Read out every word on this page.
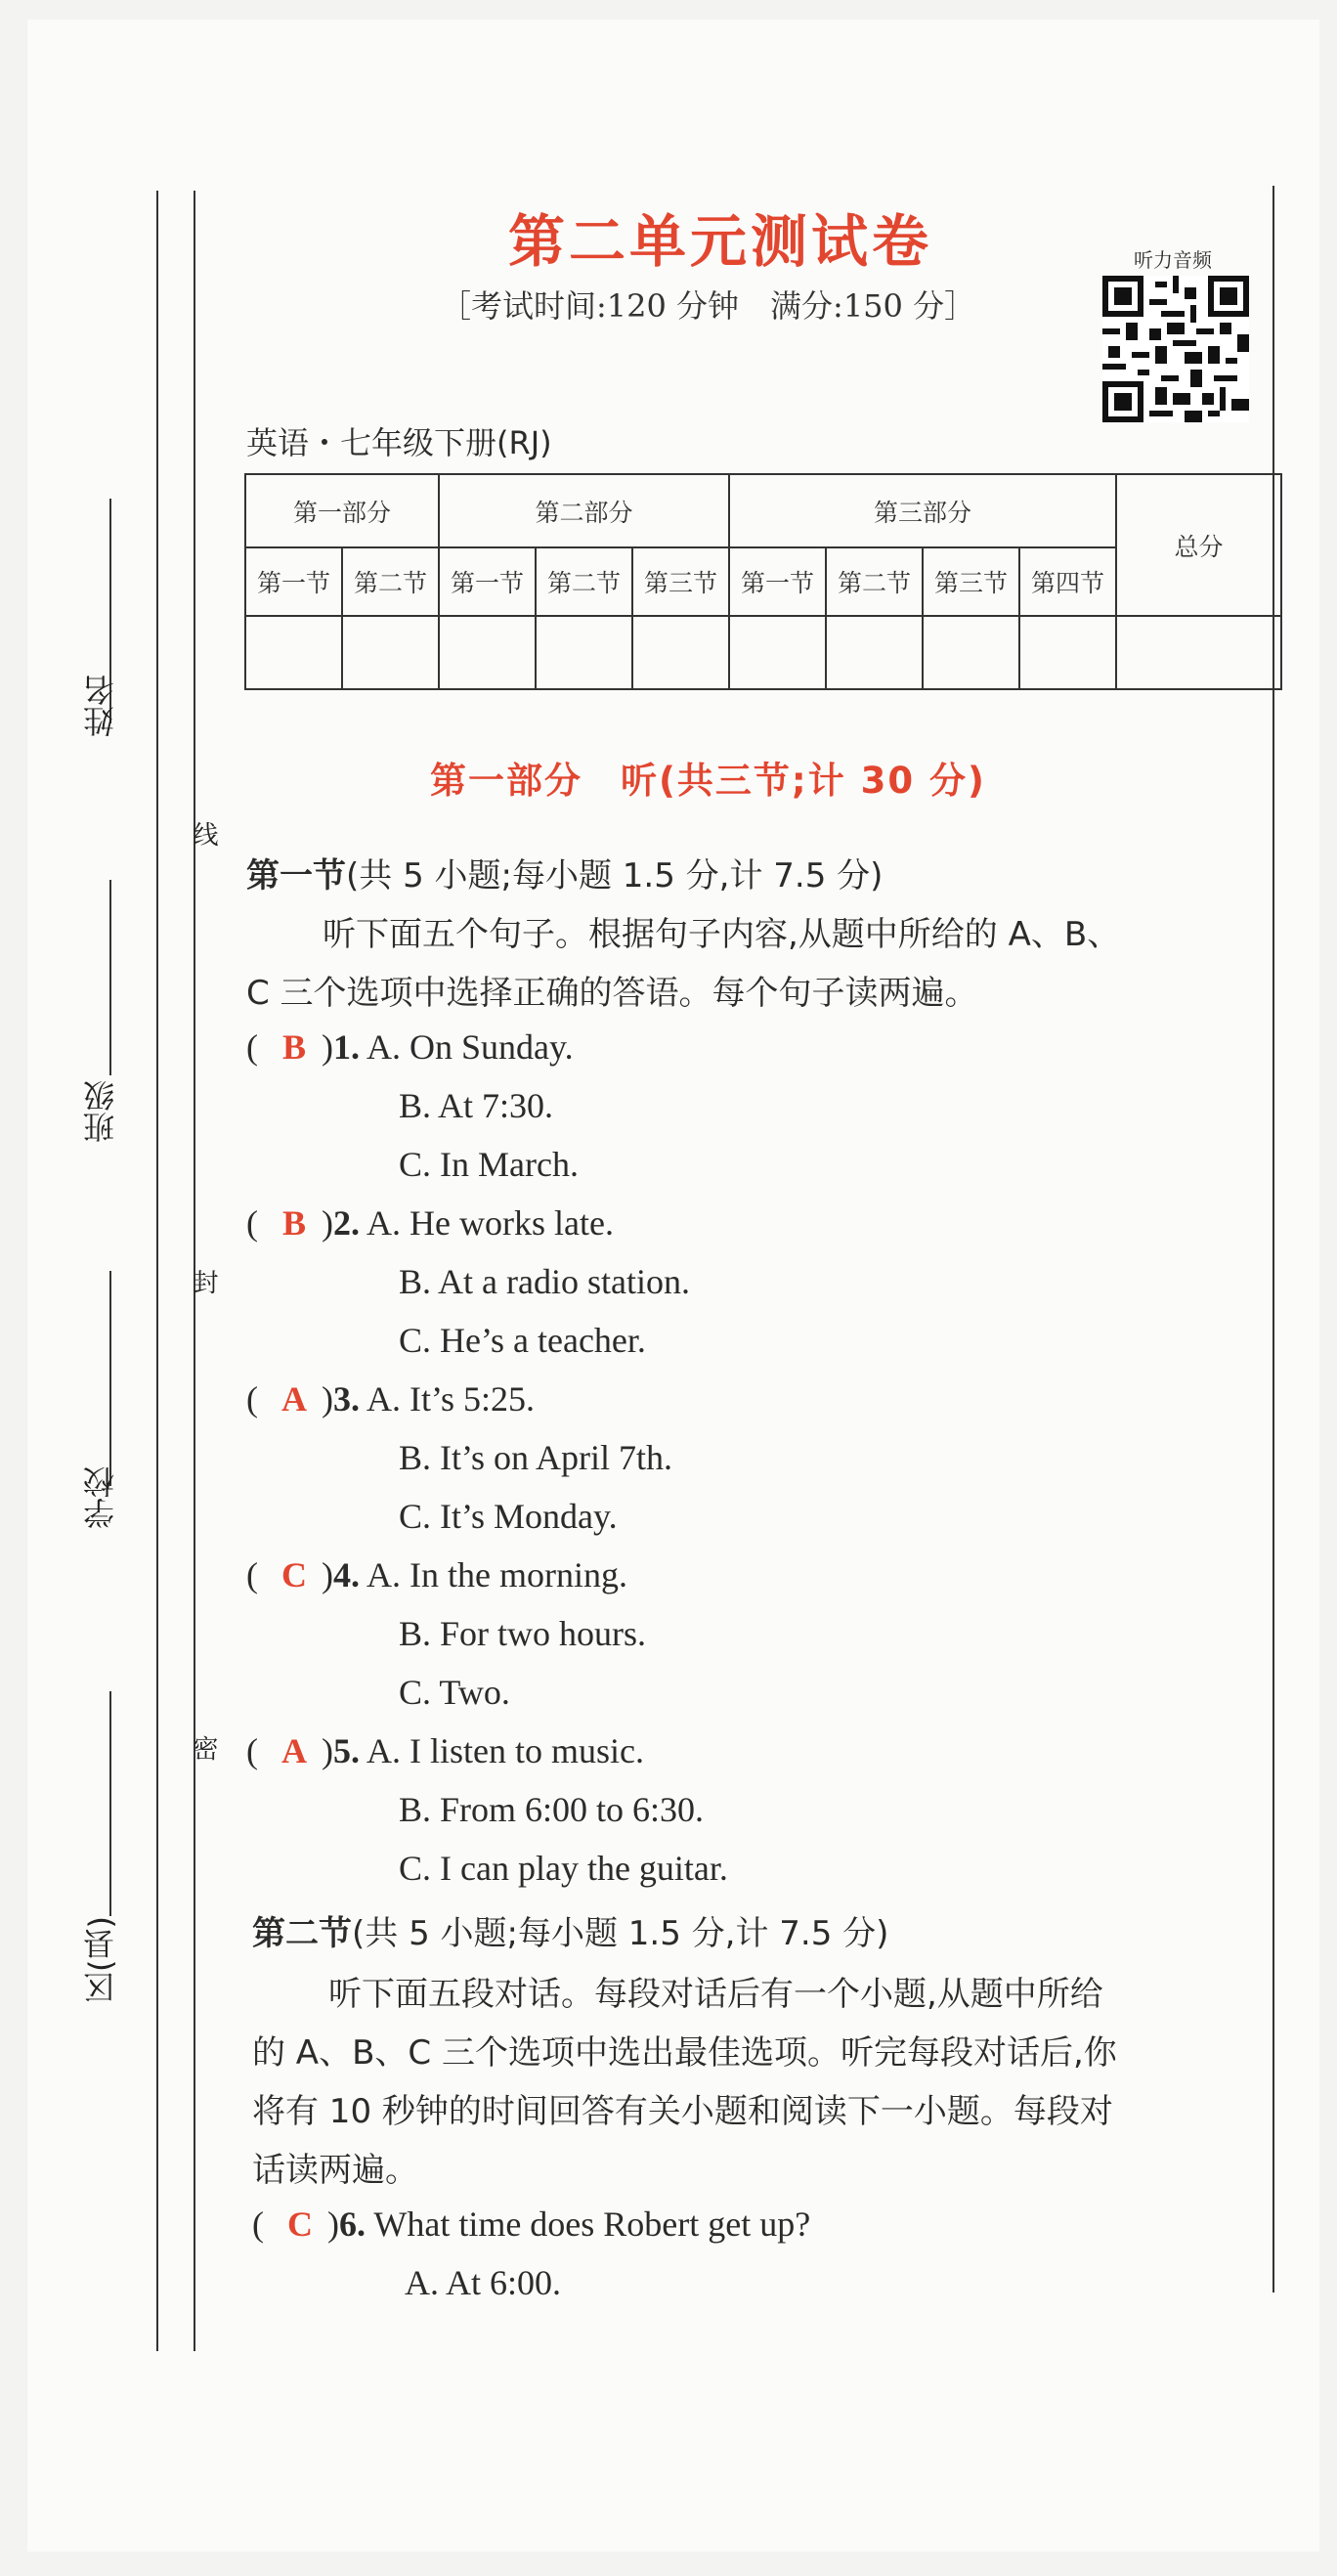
姓名
班级
学校
区(县)
线
封
密
第二单元测试卷
［考试时间:120 分钟　满分:150 分］
听力音频
英语・七年级下册(RJ)
第一部分		第二部分			第三部分				总分
第一节	第二节	第一节	第二节	第三节	第一节	第二节	第三节	第四节	

第一部分　听(共三节;计 30 分)
第一节(共 5 小题;每小题 1.5 分,计 7.5 分)
听下面五个句子。根据句子内容,从题中所给的 A、B、
C 三个选项中选择正确的答语。每个句子读两遍。
( B )1. A. On Sunday.
B. At 7:30.
C. In March.
( B )2. A. He works late.
B. At a radio station.
C. He’s a teacher.
( A )3. A. It’s 5:25.
B. It’s on April 7th.
C. It’s Monday.
( C )4. A. In the morning.
B. For two hours.
C. Two.
( A )5. A. I listen to music.
B. From 6:00 to 6:30.
C. I can play the guitar.
第二节(共 5 小题;每小题 1.5 分,计 7.5 分)
听下面五段对话。每段对话后有一个小题,从题中所给
的 A、B、C 三个选项中选出最佳选项。听完每段对话后,你
将有 10 秒钟的时间回答有关小题和阅读下一小题。每段对
话读两遍。
( C )6. What time does Robert get up?
A. At 6:00.
